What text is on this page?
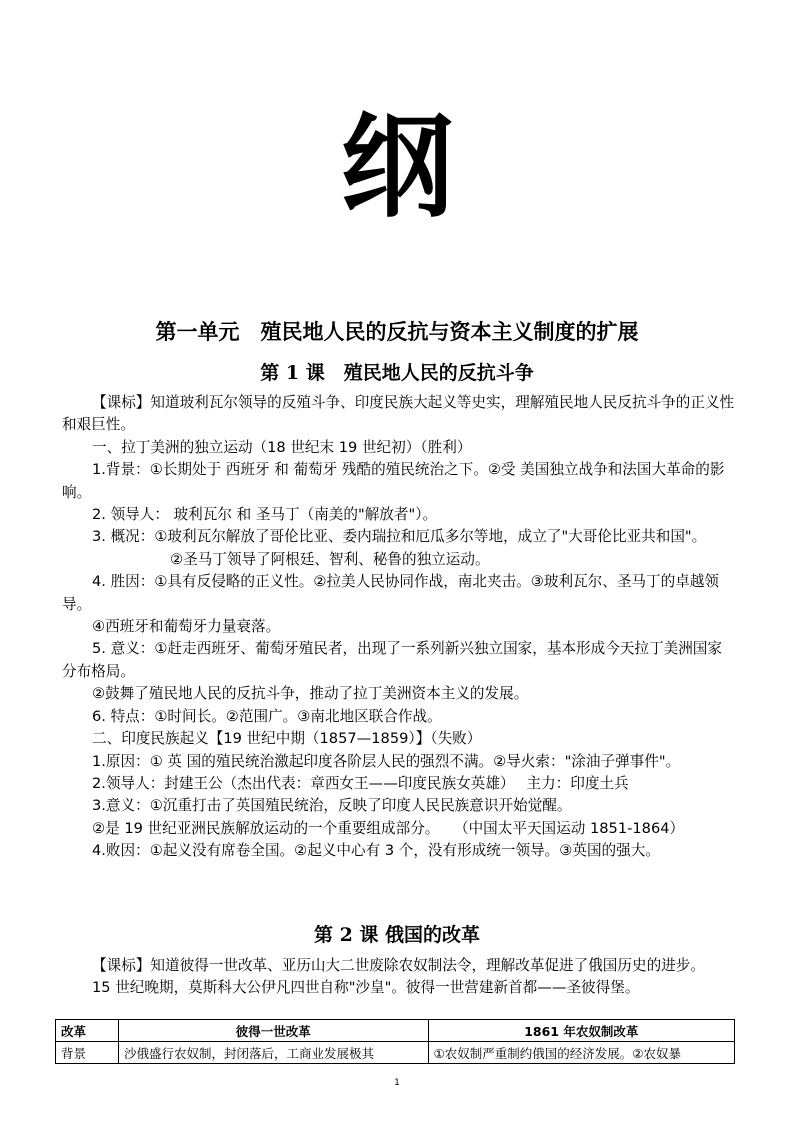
纲
第一单元　殖民地人民的反抗与资本主义制度的扩展
第 1 课　殖民地人民的反抗斗争

【课标】知道玻利瓦尔领导的反殖斗争、印度民族大起义等史实，理解殖民地人民反抗斗争的正义性和艰巨性。

一、拉丁美洲的独立运动（18 世纪末 19 世纪初）（胜利）

1.背景：①长期处于 西班牙 和 葡萄牙 残酷的殖民统治之下。②受 美国独立战争和法国大革命的影响。

2. 领导人： 玻利瓦尔 和 圣马丁（南美的"解放者"）。

3. 概况：①玻利瓦尔解放了哥伦比亚、委内瑞拉和厄瓜多尔等地，成立了"大哥伦比亚共和国"。

②圣马丁领导了阿根廷、智利、秘鲁的独立运动。

4. 胜因：①具有反侵略的正义性。②拉美人民协同作战，南北夹击。③玻利瓦尔、圣马丁的卓越领导。

④西班牙和葡萄牙力量衰落。

5. 意义：①赶走西班牙、葡萄牙殖民者，出现了一系列新兴独立国家，基本形成今天拉丁美洲国家分布格局。

②鼓舞了殖民地人民的反抗斗争，推动了拉丁美洲资本主义的发展。

6. 特点：①时间长。②范围广。③南北地区联合作战。

二、印度民族起义【19 世纪中期（1857—1859）】（失败）

1.原因：① 英 国的殖民统治激起印度各阶层人民的强烈不满。②导火索："涂油子弹事件"。

2.领导人：封建王公（杰出代表：章西女王——印度民族女英雄）　 主力：印度土兵

3.意义：①沉重打击了英国殖民统治，反映了印度人民民族意识开始觉醒。

②是 19 世纪亚洲民族解放运动的一个重要组成部分。　　（中国太平天国运动 1851-1864）

4.败因：①起义没有席卷全国。②起义中心有 3 个，没有形成统一领导。③英国的强大。

第 2 课 俄国的改革

【课标】知道彼得一世改革、亚历山大二世废除农奴制法令，理解改革促进了俄国历史的进步。

15 世纪晚期，莫斯科大公伊凡四世自称"沙皇"。彼得一世营建新首都——圣彼得堡。

改革	彼得一世改革	1861 年农奴制改革
背景	沙俄盛行农奴制，封闭落后，工商业发展极其	①农奴制严重制约俄国的经济发展。②农奴暴
1
